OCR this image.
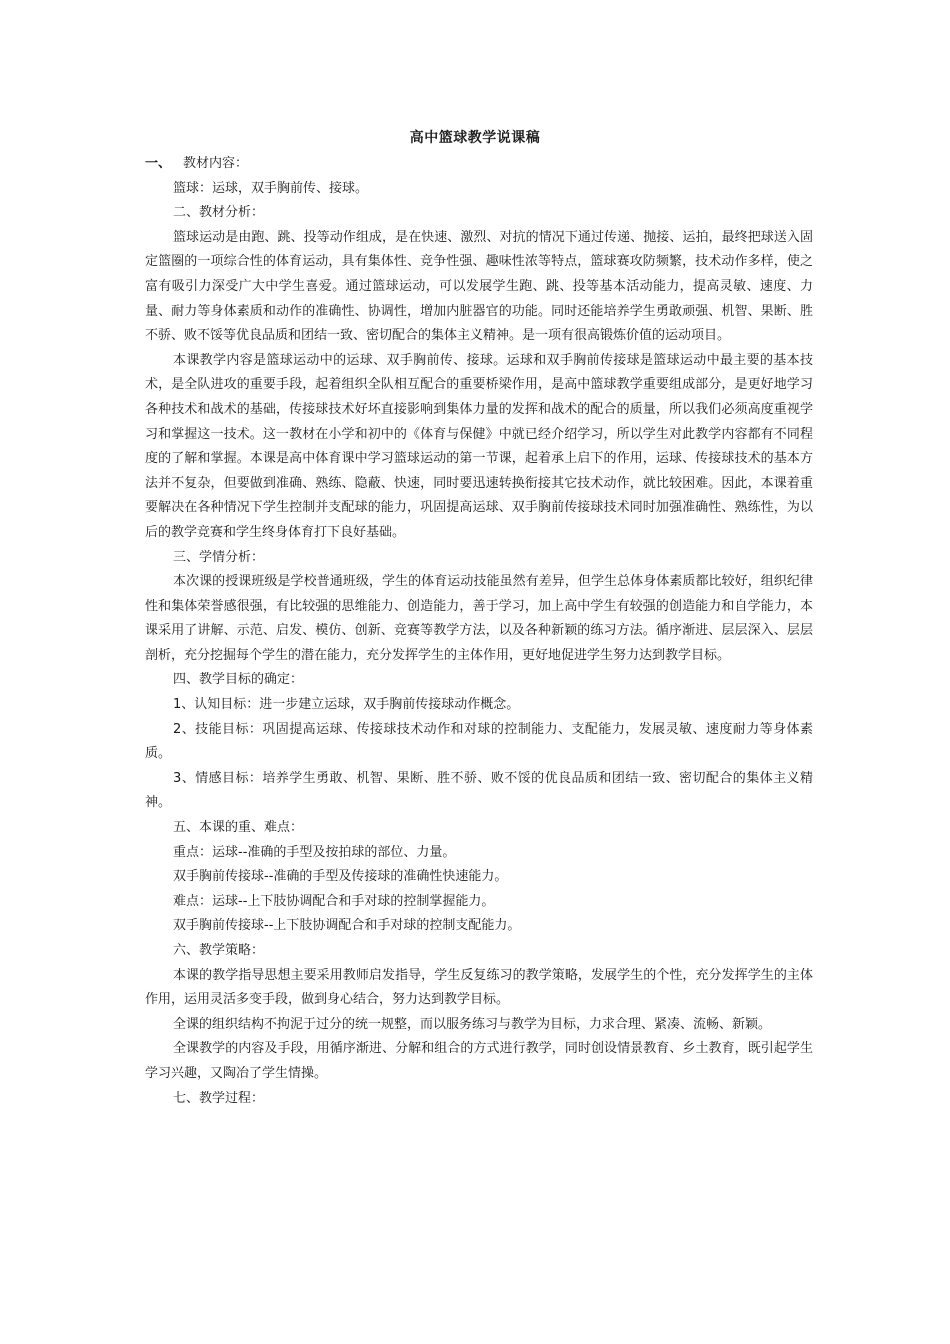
高中篮球教学说课稿

一、 教材内容：

篮球：运球，双手胸前传、接球。

二、教材分析：

篮球运动是由跑、跳、投等动作组成，是在快速、激烈、对抗的情况下通过传递、抛接、运拍，最终把球送入固定篮圈的一项综合性的体育运动，具有集体性、竞争性强、趣味性浓等特点，篮球赛攻防频繁，技术动作多样，使之富有吸引力深受广大中学生喜爱。通过篮球运动，可以发展学生跑、跳、投等基本活动能力，提高灵敏、速度、力量、耐力等身体素质和动作的准确性、协调性，增加内脏器官的功能。同时还能培养学生勇敢顽强、机智、果断、胜不骄、败不馁等优良品质和团结一致、密切配合的集体主义精神。是一项有很高锻炼价值的运动项目。

本课教学内容是篮球运动中的运球、双手胸前传、接球。运球和双手胸前传接球是篮球运动中最主要的基本技术，是全队进攻的重要手段，起着组织全队相互配合的重要桥梁作用，是高中篮球教学重要组成部分，是更好地学习各种技术和战术的基础，传接球技术好坏直接影响到集体力量的发挥和战术的配合的质量，所以我们必须高度重视学习和掌握这一技术。这一教材在小学和初中的《体育与保健》中就已经介绍学习，所以学生对此教学内容都有不同程度的了解和掌握。本课是高中体育课中学习篮球运动的第一节课，起着承上启下的作用，运球、传接球技术的基本方法并不复杂，但要做到准确、熟练、隐蔽、快速，同时要迅速转换衔接其它技术动作，就比较困难。因此，本课着重要解决在各种情况下学生控制并支配球的能力，巩固提高运球、双手胸前传接球技术同时加强准确性、熟练性，为以后的教学竞赛和学生终身体育打下良好基础。

三、学情分析：

本次课的授课班级是学校普通班级，学生的体育运动技能虽然有差异，但学生总体身体素质都比较好，组织纪律性和集体荣誉感很强，有比较强的思维能力、创造能力，善于学习，加上高中学生有较强的创造能力和自学能力，本课采用了讲解、示范、启发、模仿、创新、竞赛等教学方法，以及各种新颖的练习方法。循序渐进、层层深入、层层剖析，充分挖掘每个学生的潜在能力，充分发挥学生的主体作用，更好地促进学生努力达到教学目标。

四、教学目标的确定：

1、认知目标：进一步建立运球，双手胸前传接球动作概念。

2、技能目标：巩固提高运球、传接球技术动作和对球的控制能力、支配能力，发展灵敏、速度耐力等身体素质。

3、情感目标：培养学生勇敢、机智、果断、胜不骄、败不馁的优良品质和团结一致、密切配合的集体主义精神。

五、本课的重、难点：

重点：运球--准确的手型及按拍球的部位、力量。

双手胸前传接球--准确的手型及传接球的准确性快速能力。

难点：运球--上下肢协调配合和手对球的控制掌握能力。

双手胸前传接球--上下肢协调配合和手对球的控制支配能力。

六、教学策略：

本课的教学指导思想主要采用教师启发指导，学生反复练习的教学策略，发展学生的个性，充分发挥学生的主体作用，运用灵活多变手段，做到身心结合，努力达到教学目标。

全课的组织结构不拘泥于过分的统一规整，而以服务练习与教学为目标，力求合理、紧凑、流畅、新颖。

全课教学的内容及手段，用循序渐进、分解和组合的方式进行教学，同时创设情景教育、乡土教育，既引起学生学习兴趣，又陶冶了学生情操。

七、教学过程：
